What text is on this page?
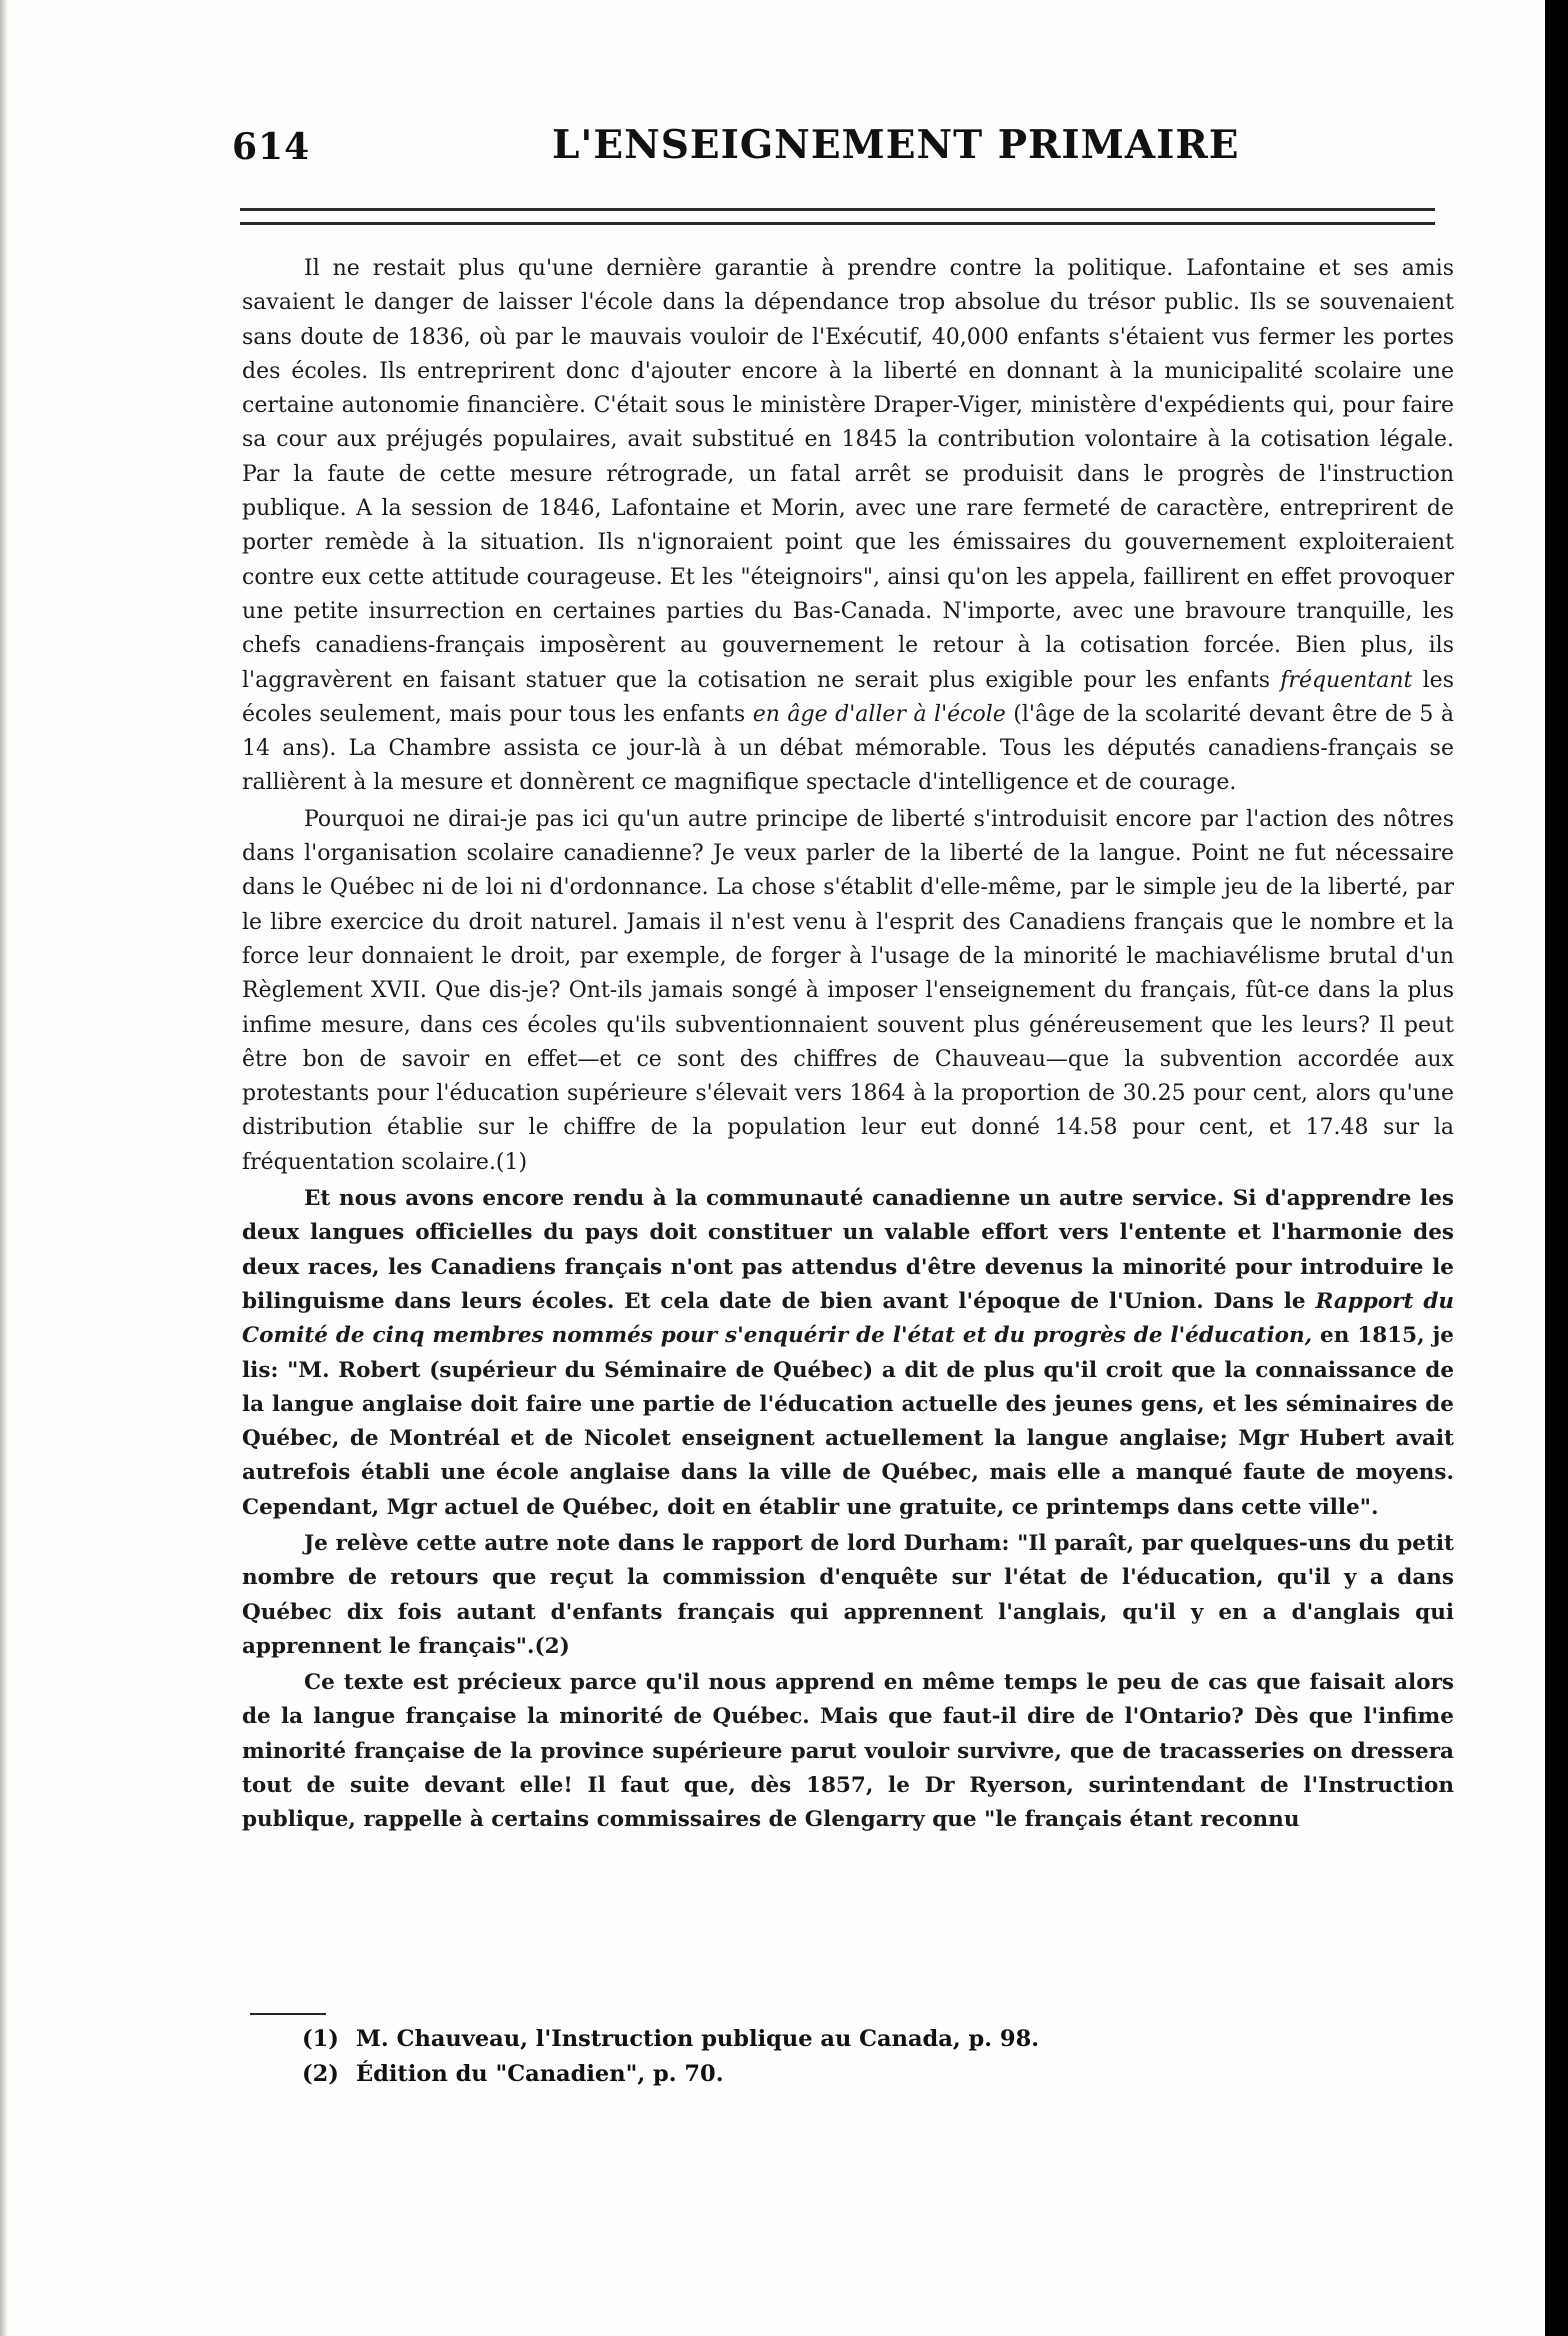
614	L'ENSEIGNEMENT PRIMAIRE

Il ne restait plus qu'une dernière garantie à prendre contre la politique. Lafontaine et ses amis savaient le danger de laisser l'école dans la dépendance trop absolue du trésor public. Ils se souvenaient sans doute de 1836, où par le mauvais vouloir de l'Exécutif, 40,000 enfants s'étaient vus fermer les portes des écoles. Ils entreprirent donc d'ajouter encore à la liberté en donnant à la municipalité scolaire une certaine autonomie financière. C'était sous le ministère Draper-Viger, ministère d'expédients qui, pour faire sa cour aux préjugés populaires, avait substitué en 1845 la contribution volontaire à la cotisation légale. Par la faute de cette mesure rétrograde, un fatal arrêt se produisit dans le progrès de l'instruction publique. A la session de 1846, Lafontaine et Morin, avec une rare fermeté de caractère, entreprirent de porter remède à la situation. Ils n'ignoraient point que les émissaires du gouvernement exploiteraient contre eux cette attitude courageuse. Et les "éteignoirs", ainsi qu'on les appela, faillirent en effet provoquer une petite insurrection en certaines parties du Bas-Canada. N'importe, avec une bravoure tranquille, les chefs canadiens-français imposèrent au gouvernement le retour à la cotisation forcée. Bien plus, ils l'aggravèrent en faisant statuer que la cotisation ne serait plus exigible pour les enfants fréquentant les écoles seulement, mais pour tous les enfants en âge d'aller à l'école (l'âge de la scolarité devant être de 5 à 14 ans). La Chambre assista ce jour-là à un débat mémorable. Tous les députés canadiens-français se rallièrent à la mesure et donnèrent ce magnifique spectacle d'intelligence et de courage.

Pourquoi ne dirai-je pas ici qu'un autre principe de liberté s'introduisit encore par l'action des nôtres dans l'organisation scolaire canadienne? Je veux parler de la liberté de la langue. Point ne fut nécessaire dans le Québec ni de loi ni d'ordonnance. La chose s'établit d'elle-même, par le simple jeu de la liberté, par le libre exercice du droit naturel. Jamais il n'est venu à l'esprit des Canadiens français que le nombre et la force leur donnaient le droit, par exemple, de forger à l'usage de la minorité le machiavélisme brutal d'un Règlement XVII. Que dis-je? Ont-ils jamais songé à imposer l'enseignement du français, fût-ce dans la plus infime mesure, dans ces écoles qu'ils subventionnaient souvent plus généreusement que les leurs? Il peut être bon de savoir en effet—et ce sont des chiffres de Chauveau—que la subvention accordée aux protestants pour l'éducation supérieure s'élevait vers 1864 à la proportion de 30.25 pour cent, alors qu'une distribution établie sur le chiffre de la population leur eut donné 14.58 pour cent, et 17.48 sur la fréquentation scolaire.(1)

Et nous avons encore rendu à la communauté canadienne un autre service. Si d'apprendre les deux langues officielles du pays doit constituer un valable effort vers l'entente et l'harmonie des deux races, les Canadiens français n'ont pas attendus d'être devenus la minorité pour introduire le bilinguisme dans leurs écoles. Et cela date de bien avant l'époque de l'Union. Dans le Rapport du Comité de cinq membres nommés pour s'enquérir de l'état et du progrès de l'éducation, en 1815, je lis: "M. Robert (supérieur du Séminaire de Québec) a dit de plus qu'il croit que la connaissance de la langue anglaise doit faire une partie de l'éducation actuelle des jeunes gens, et les séminaires de Québec, de Montréal et de Nicolet enseignent actuellement la langue anglaise; Mgr Hubert avait autrefois établi une école anglaise dans la ville de Québec, mais elle a manqué faute de moyens. Cependant, Mgr actuel de Québec, doit en établir une gratuite, ce printemps dans cette ville".

Je relève cette autre note dans le rapport de lord Durham: "Il paraît, par quelques-uns du petit nombre de retours que reçut la commission d'enquête sur l'état de l'éducation, qu'il y a dans Québec dix fois autant d'enfants français qui apprennent l'anglais, qu'il y en a d'anglais qui apprennent le français".(2)

Ce texte est précieux parce qu'il nous apprend en même temps le peu de cas que faisait alors de la langue française la minorité de Québec. Mais que faut-il dire de l'Ontario? Dès que l'infime minorité française de la province supérieure parut vouloir survivre, que de tracasseries on dressera tout de suite devant elle! Il faut que, dès 1857, le Dr Ryerson, surintendant de l'Instruction publique, rappelle à certains commissaires de Glengarry que "le français étant reconnu

(1) M. Chauveau, l'Instruction publique au Canada, p. 98.
(2) Édition du "Canadien", p. 70.
